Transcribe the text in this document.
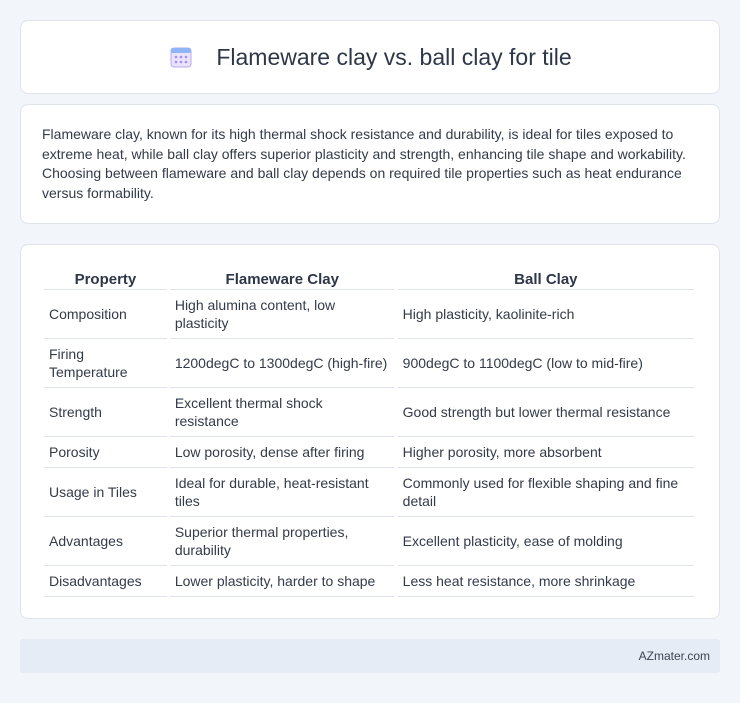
Flameware clay vs. ball clay for tile

Flameware clay, known for its high thermal shock resistance and durability, is ideal for tiles exposed to extreme heat, while ball clay offers superior plasticity and strength, enhancing tile shape and workability. Choosing between flameware and ball clay depends on required tile properties such as heat endurance versus formability.

Property	Flameware Clay	Ball Clay
Composition	High alumina content, low plasticity	High plasticity, kaolinite-rich
Firing Temperature	1200degC to 1300degC (high-fire)	900degC to 1100degC (low to mid-fire)
Strength	Excellent thermal shock resistance	Good strength but lower thermal resistance
Porosity	Low porosity, dense after firing	Higher porosity, more absorbent
Usage in Tiles	Ideal for durable, heat-resistant tiles	Commonly used for flexible shaping and fine detail
Advantages	Superior thermal properties, durability	Excellent plasticity, ease of molding
Disadvantages	Lower plasticity, harder to shape	Less heat resistance, more shrinkage
AZmater.com
